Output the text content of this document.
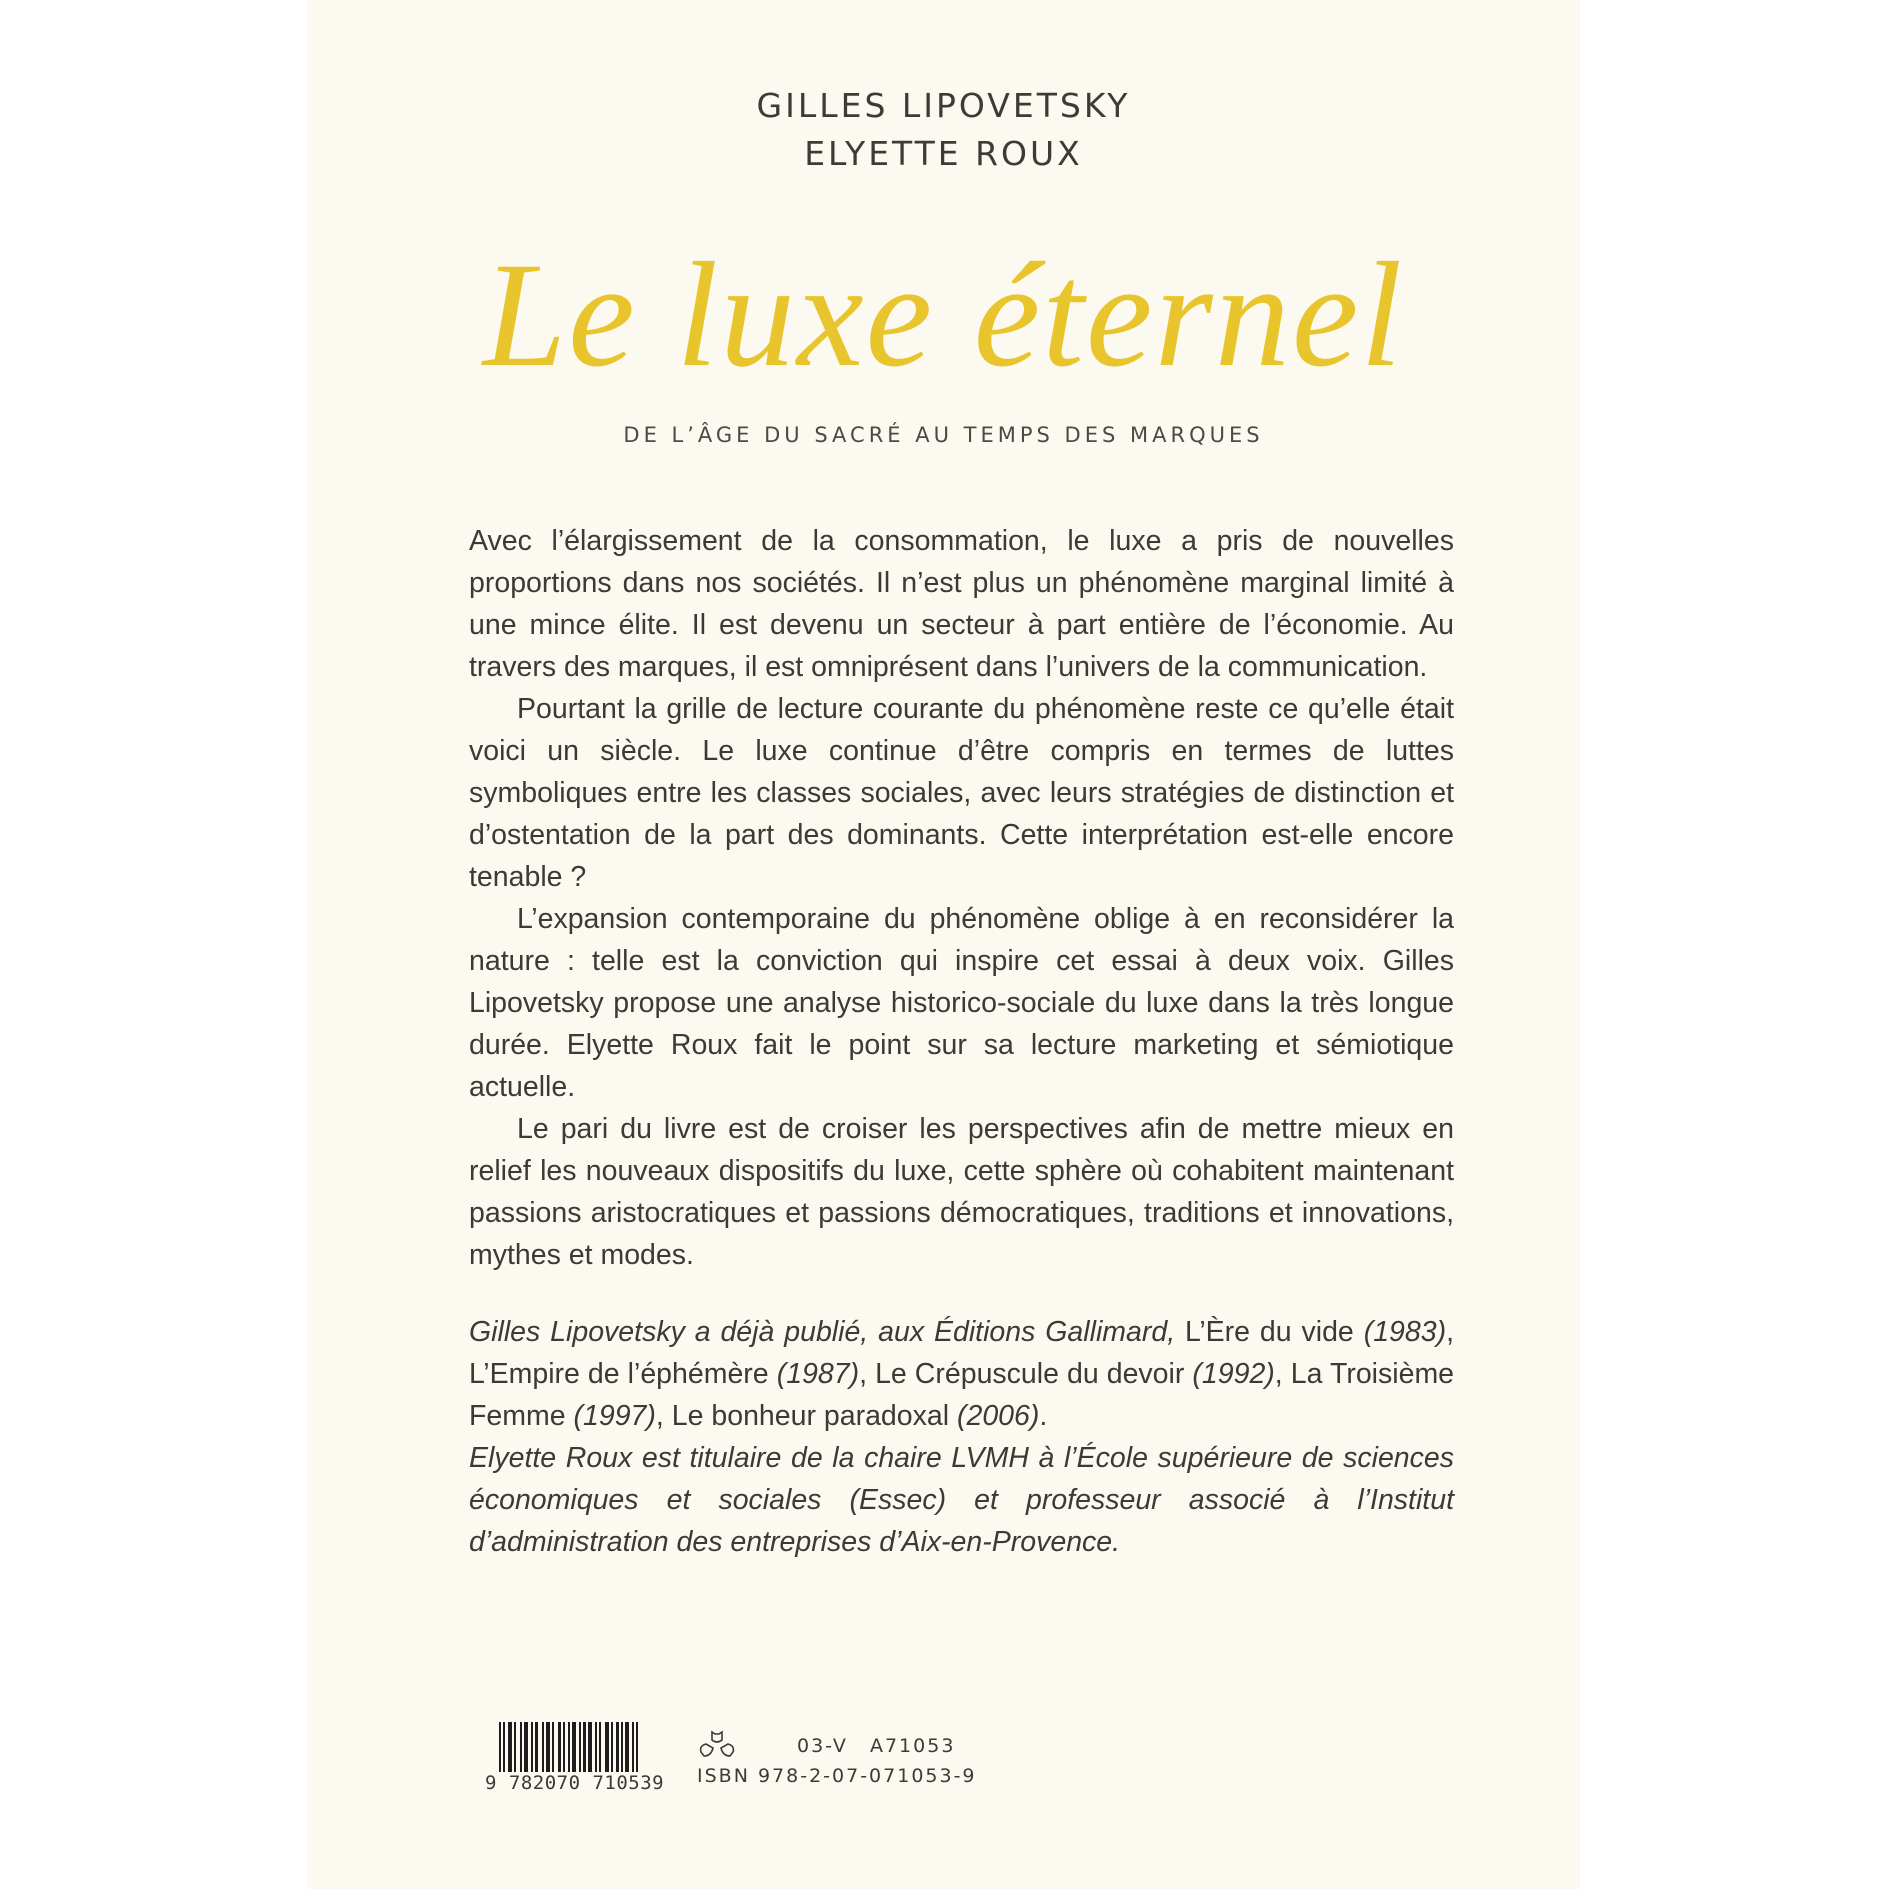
GILLES LIPOVETSKY
ELYETTE ROUX
Le luxe éternel
DE L’ÂGE DU SACRÉ AU TEMPS DES MARQUES

Avec l’élargissement de la consommation, le luxe a pris de nouvelles proportions dans nos sociétés. Il n’est plus un phénomène marginal limité à une mince élite. Il est devenu un secteur à part entière de l’économie. Au travers des marques, il est omniprésent dans l’univers de la communication.

Pourtant la grille de lecture courante du phénomène reste ce qu’elle était voici un siècle. Le luxe continue d’être compris en termes de luttes symboliques entre les classes sociales, avec leurs stratégies de distinction et d’ostentation de la part des dominants. Cette interprétation est-elle encore tenable ?

L’expansion contemporaine du phénomène oblige à en reconsidérer la nature : telle est la conviction qui inspire cet essai à deux voix. Gilles Lipovetsky propose une analyse historico-sociale du luxe dans la très longue durée. Elyette Roux fait le point sur sa lecture marketing et sémiotique actuelle.

Le pari du livre est de croiser les perspectives afin de mettre mieux en relief les nouveaux dispositifs du luxe, cette sphère où cohabitent maintenant passions aristocratiques et passions démocratiques, traditions et innovations, mythes et modes.

Gilles Lipovetsky a déjà publié, aux Éditions Gallimard, L’Ère du vide (1983), L’Empire de l’éphémère (1987), Le Crépuscule du devoir (1992), La Troisième Femme (1997), Le bonheur paradoxal (2006).

Elyette Roux est titulaire de la chaire LVMH à l’École supérieure de sciences économiques et sociales (Essec) et professeur associé à l’Institut d’administration des entreprises d’Aix-en-Provence.

9 782070 710539
03-V A71053
ISBN 978-2-07-071053-9
